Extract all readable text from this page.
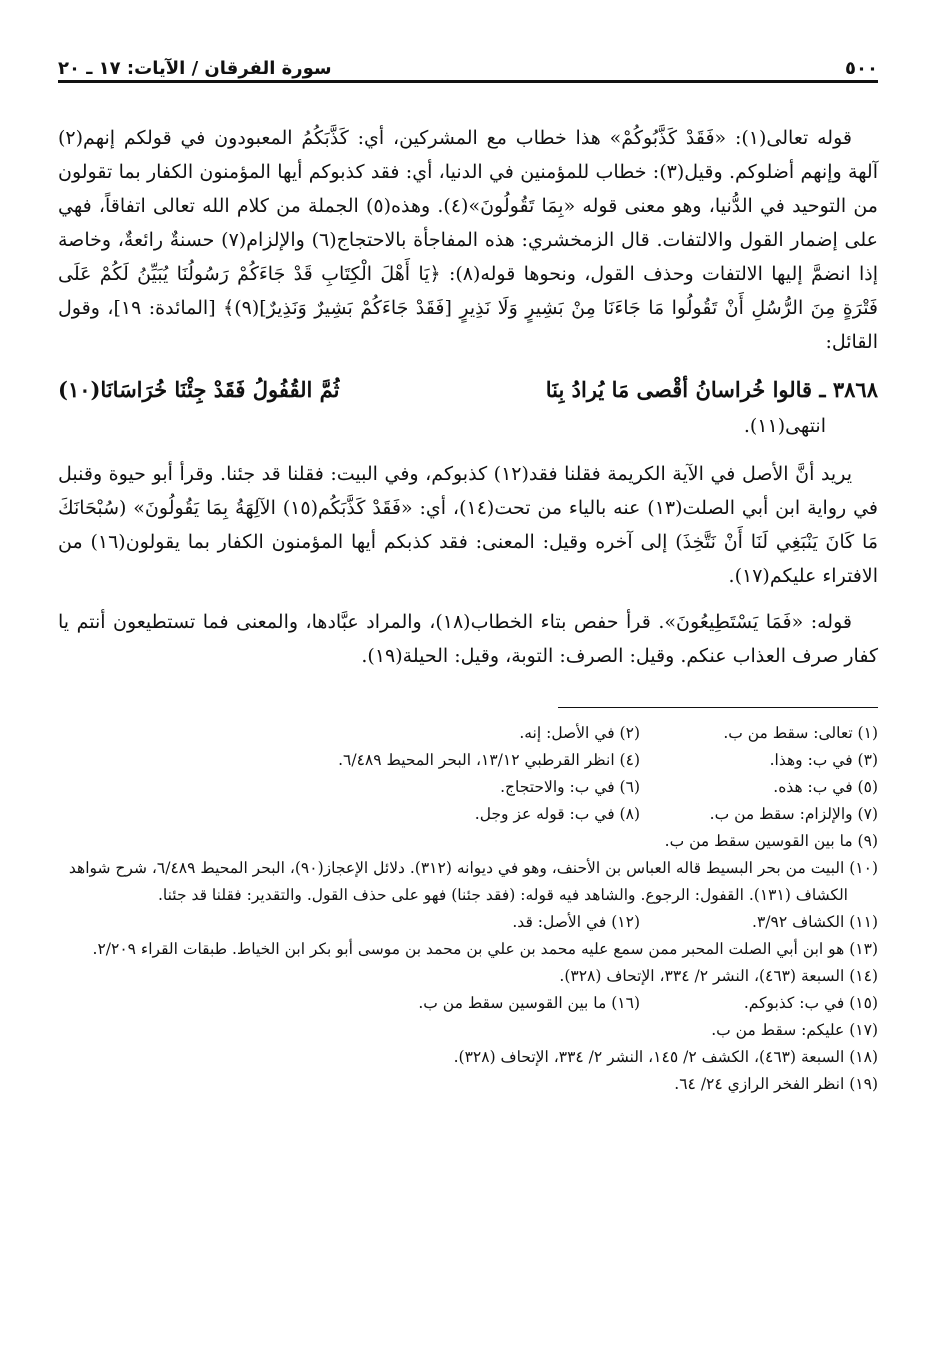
٥٠٠
سورة الفرقان / الآيات: ١٧ ـ ٢٠

قوله تعالى(١): «فَقَدْ كَذَّبُوكُمْ» هذا خطاب مع المشركين، أي: كَذَّبَكُمُ المعبودون في قولكم إنهم(٢) آلهة وإنهم أضلوكم. وقيل(٣): خطاب للمؤمنين في الدنيا، أي: فقد كذبوكم أيها المؤمنون الكفار بما تقولون من التوحيد في الدُّنيا، وهو معنى قوله «بِمَا تَقُولُونَ»(٤). وهذه(٥) الجملة من كلام الله تعالى اتفاقاً، فهي على إضمار القول والالتفات. قال الزمخشري: هذه المفاجأة بالاحتجاج(٦) والإلزام(٧) حسنةٌ رائعةٌ، وخاصة إذا انضمَّ إليها الالتفات وحذف القول، ونحوها قوله(٨): ﴿يَا أَهْلَ الْكِتَابِ قَدْ جَاءَكُمْ رَسُولُنَا يُبَيِّنُ لَكُمْ عَلَى فَتْرَةٍ مِنَ الرُّسُلِ أَنْ تَقُولُوا مَا جَاءَنَا مِنْ بَشِيرٍ وَلَا نَذِيرٍ [فَقَدْ جَاءَكُمْ بَشِيرٌ وَنَذِيرٌ](٩)﴾ [المائدة: ١٩]، وقول القائل:

٣٨٦٨ ـ قالوا خُراسانُ أقْصى مَا يُرادُ بِنَا
ثُمَّ القُفُولُ فَقَدْ جِئْنَا خُرَاسَانَا(١٠)

انتهى(١١).

يريد أنَّ الأصل في الآية الكريمة فقلنا فقد(١٢) كذبوكم، وفي البيت: فقلنا قد جئنا. وقرأ أبو حيوة وقنبل في رواية ابن أبي الصلت(١٣) عنه بالياء من تحت(١٤)، أي: «فَقَدْ كَذَّبَكُم(١٥) الآلِهَةُ بِمَا يَقُولُونَ» (سُبْحَانَكَ مَا كَانَ يَنْبَغِي لَنَا أَنْ نَتَّخِذَ) إلى آخره وقيل: المعنى: فقد كذبكم أيها المؤمنون الكفار بما يقولون(١٦) من الافتراء عليكم(١٧).

قوله: «فَمَا يَسْتَطِيعُونَ». قرأ حفص بتاء الخطاب(١٨)، والمراد عبَّادها، والمعنى فما تستطيعون أنتم يا كفار صرف العذاب عنكم. وقيل: الصرف: التوبة، وقيل: الحيلة(١٩).

(١) تعالى: سقط من ب.
(٢) في الأصل: إنه.
(٣) في ب: وهذا.
(٤) انظر القرطبي ١٣/١٢، البحر المحيط ٦/٤٨٩.
(٥) في ب: هذه.
(٦) في ب: والاحتجاج.
(٧) والإلزام: سقط من ب.
(٨) في ب: قوله عز وجل.
(٩) ما بين القوسين سقط من ب.
(١٠) البيت من بحر البسيط قاله العباس بن الأحنف، وهو في ديوانه (٣١٢). دلائل الإعجاز(٩٠)، البحر المحيط ٦/٤٨٩، شرح شواهد الكشاف (١٣١). القفول: الرجوع. والشاهد فيه قوله: (فقد جئنا) فهو على حذف القول. والتقدير: فقلنا قد جئنا.
(١١) الكشاف ٣/٩٢.
(١٢) في الأصل: قد.
(١٣) هو ابن أبي الصلت المحبر ممن سمع عليه محمد بن علي بن محمد بن موسى أبو بكر ابن الخياط. طبقات القراء ٢/٢٠٩.
(١٤) السبعة (٤٦٣)، النشر ٢/ ٣٣٤، الإتحاف (٣٢٨).
(١٥) في ب: كذبوكم.
(١٦) ما بين القوسين سقط من ب.
(١٧) عليكم: سقط من ب.
(١٨) السبعة (٤٦٣)، الكشف ٢/ ١٤٥، النشر ٢/ ٣٣٤، الإتحاف (٣٢٨).
(١٩) انظر الفخر الرازي ٢٤/ ٦٤.
